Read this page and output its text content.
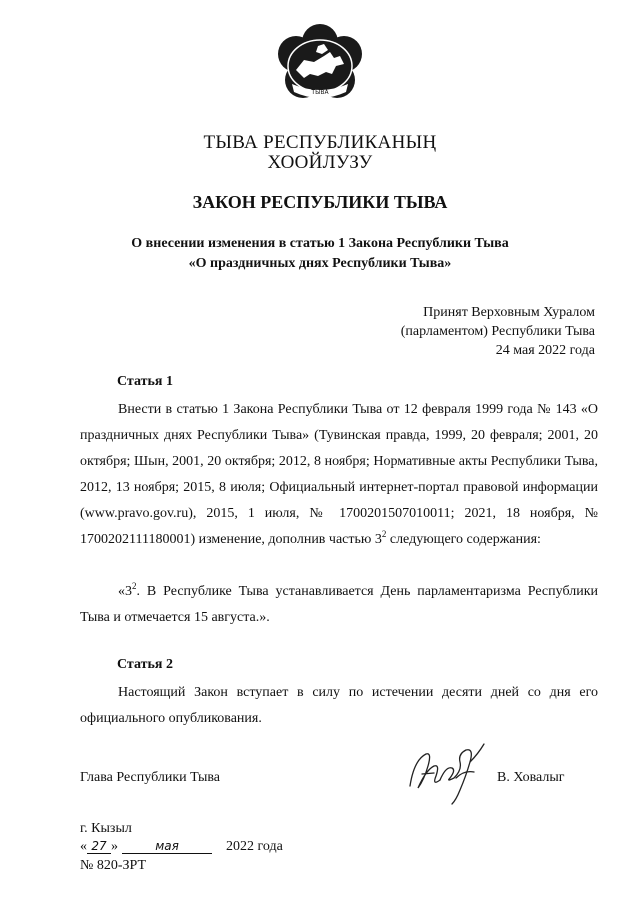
ТЫВА
ТЫВА РЕСПУБЛИКАНЫҢ
ХООЙЛУЗУ
ЗАКОН РЕСПУБЛИКИ ТЫВА
О внесении изменения в статью 1 Закона Республики Тыва
«О праздничных днях Республики Тыва»
Принят Верховным Хуралом
(парламентом) Республики Тыва
24 мая 2022 года
Статья 1
Внести в статью 1 Закона Республики Тыва от 12 февраля 1999 года № 143 «О праздничных днях Республики Тыва» (Тувинская правда, 1999, 20 февраля; 2001, 20 октября; Шын, 2001, 20 октября; 2012, 8 ноября; Нормативные акты Республики Тыва, 2012, 13 ноября; 2015, 8 июля; Официальный интернет-портал правовой информации (www.pravo.gov.ru), 2015, 1 июля, № 1700201507010011; 2021, 18 ноября, № 1700202111180001) изменение, дополнив частью $3^2$ следующего содержания:
«$3^2$. В Республике Тыва устанавливается День парламентаризма Республики Тыва и отмечается 15 августа.».
Статья 2
Настоящий Закон вступает в силу по истечении десяти дней со дня его официального опубликования.
Глава Республики Тыва	В. Ховалыг
г. Кызыл
« 27 »	мая	2022 года
№ 820-ЗРТ
